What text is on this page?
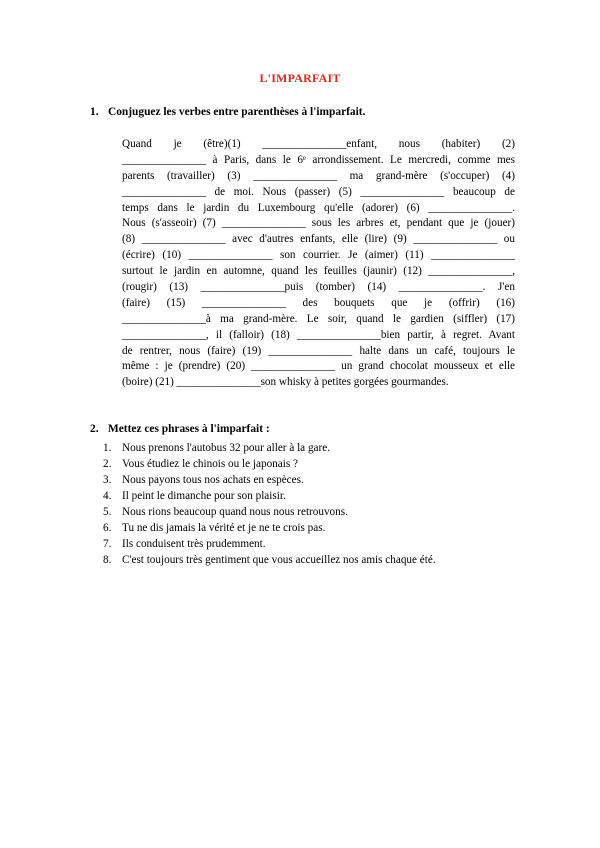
L'IMPARFAIT
1. Conjuguez les verbes entre parenthèses à l'imparfait.
Quand je (être)(1) _______________enfant, nous (habiter) (2)
_______________ à Paris, dans le 6ᵉ arrondissement. Le mercredi, comme mes
parents (travailler) (3) _______________ ma grand-mère (s'occuper) (4)
_______________ de moi. Nous (passer) (5) _______________ beaucoup de
temps dans le jardin du Luxembourg qu'elle (adorer) (6) _______________.
Nous (s'asseoir) (7) _______________ sous les arbres et, pendant que je (jouer)
(8) _______________ avec d'autres enfants, elle (lire) (9) _______________ ou
(écrire) (10) _______________ son courrier. Je (aimer) (11) _______________
surtout le jardin en automne, quand les feuilles (jaunir) (12) _______________,
(rougir) (13) _______________puis (tomber) (14) _______________. J'en
(faire) (15) _______________ des bouquets que je (offrir) (16)
_______________à ma grand-mère. Le soir, quand le gardien (siffler) (17)
_______________, il (falloir) (18) _______________bien partir, à regret. Avant
de rentrer, nous (faire) (19) _______________ halte dans un café, toujours le
même : je (prendre) (20) _______________ un grand chocolat mousseux et elle
(boire) (21) _______________son whisky à petites gorgées gourmandes.
2. Mettez ces phrases à l'imparfait :
1. Nous prenons l'autobus 32 pour aller à la gare.
2. Vous étudiez le chinois ou le japonais ?
3. Nous payons tous nos achats en espèces.
4. Il peint le dimanche pour son plaisir.
5. Nous rions beaucoup quand nous nous retrouvons.
6. Tu ne dis jamais la vérité et je ne te crois pas.
7. Ils conduisent très prudemment.
8. C'est toujours très gentiment que vous accueillez nos amis chaque été.
